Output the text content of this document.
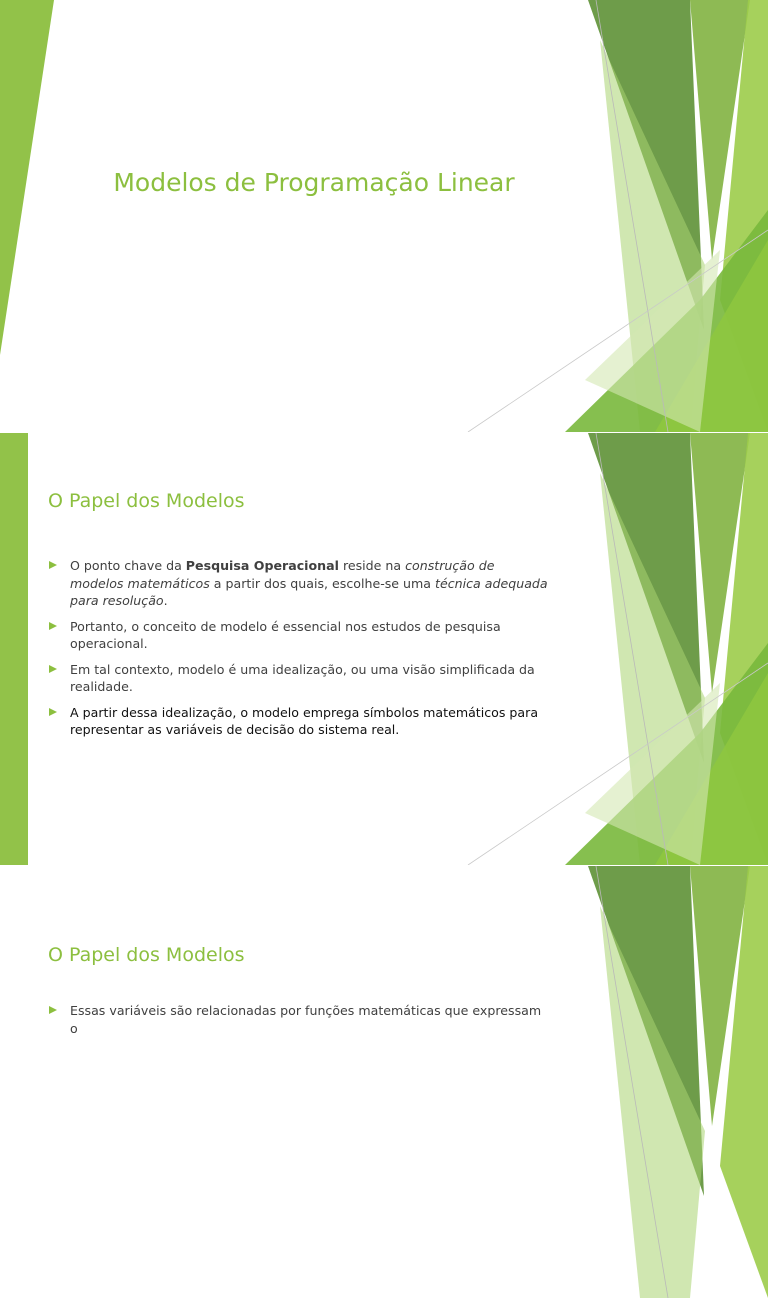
Modelos de Programação Linear
O Papel dos Modelos
O ponto chave da Pesquisa Operacional reside na construção de modelos matemáticos a partir dos quais, escolhe-se uma técnica adequada para resolução.
Portanto, o conceito de modelo é essencial nos estudos de pesquisa operacional.
Em tal contexto, modelo é uma idealização, ou uma visão simplificada da realidade.
A partir dessa idealização, o modelo emprega símbolos matemáticos para representar as variáveis de decisão do sistema real.
O Papel dos Modelos
Essas variáveis são relacionadas por funções matemáticas que expressam o
